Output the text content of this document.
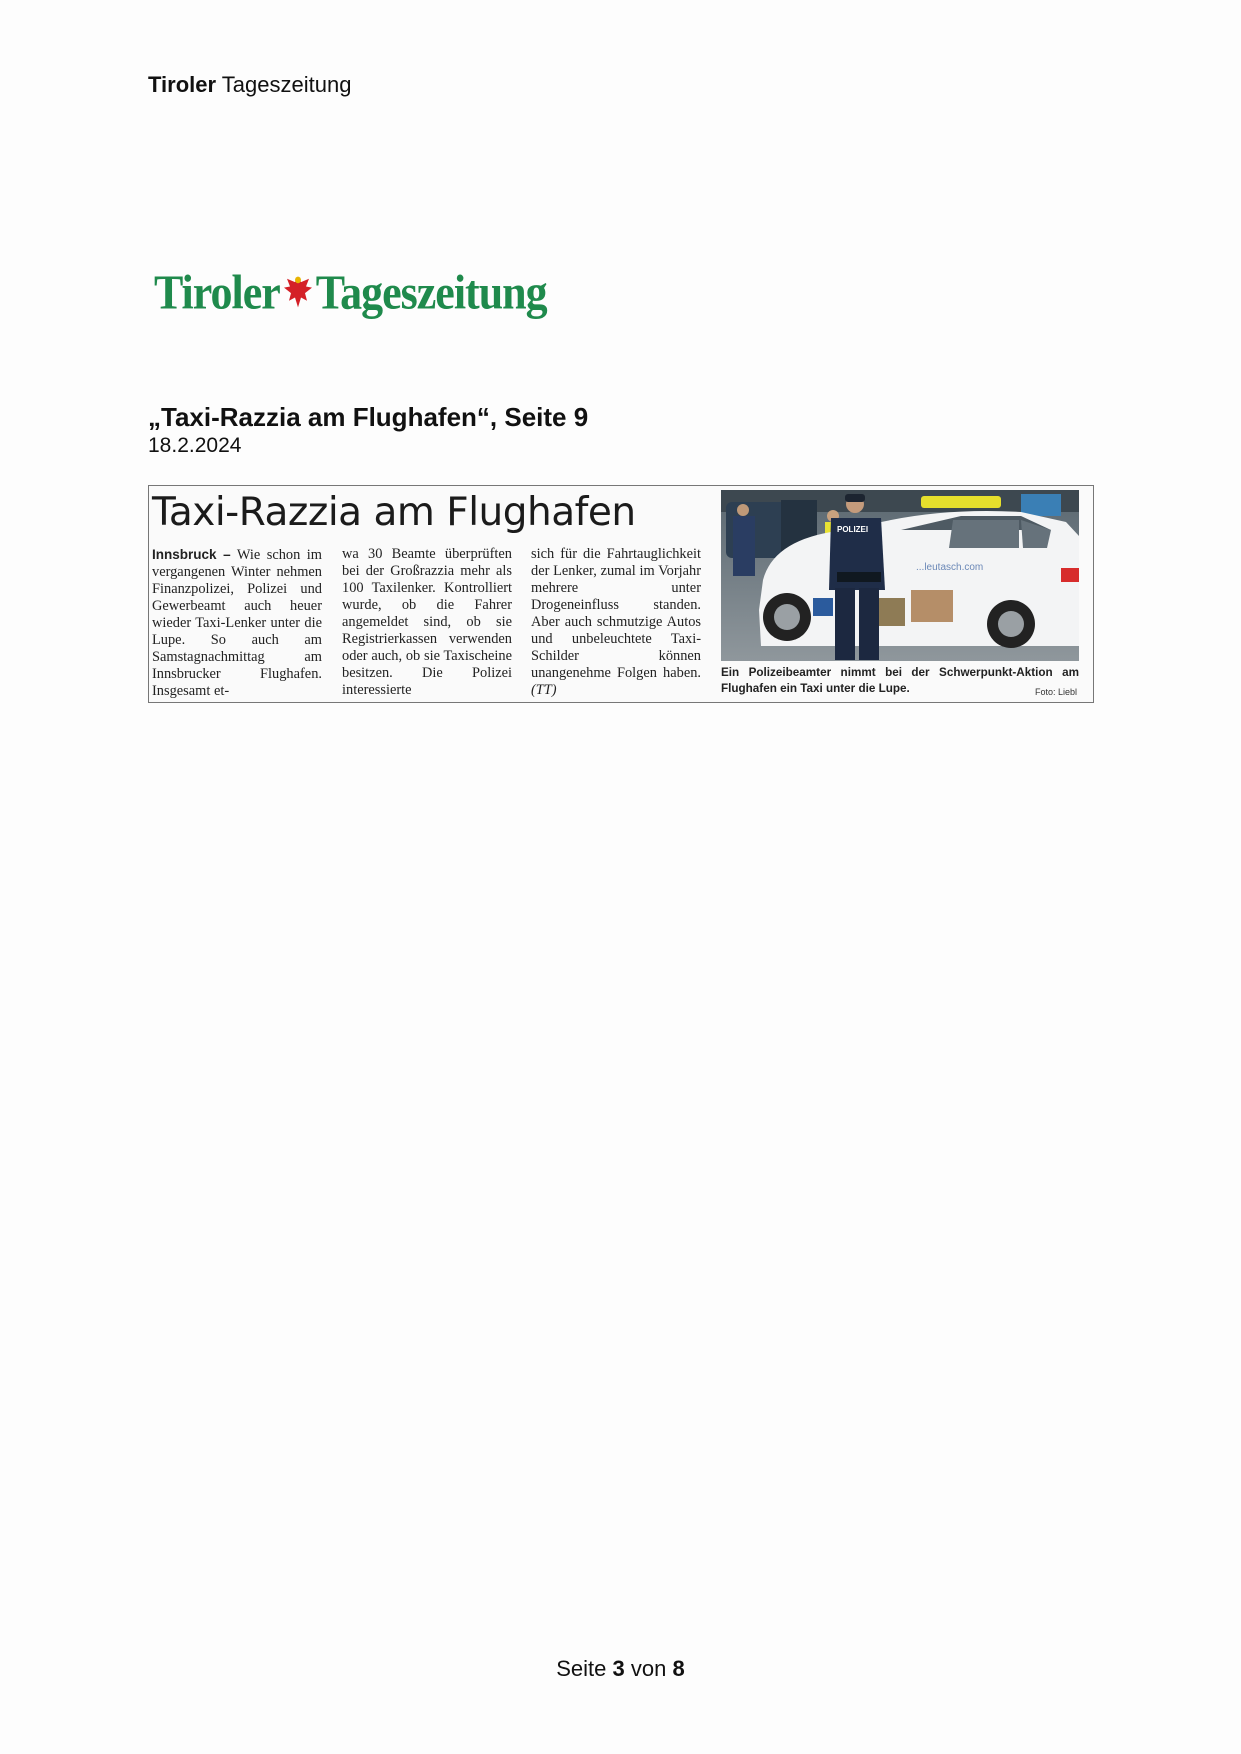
Tiroler Tageszeitung
Tiroler Tageszeitung
„Taxi-Razzia am Flughafen“, Seite 9
18.2.2024
Taxi-Razzia am Flughafen
Innsbruck – Wie schon im vergangenen Winter nehmen Finanzpolizei, Polizei und Gewerbeamt auch heuer wieder Taxi-Lenker unter die Lupe. So auch am Samstagnachmittag am Innsbrucker Flughafen. Insgesamt et-
wa 30 Beamte überprüften bei der Großrazzia mehr als 100 Taxilenker. Kontrolliert wurde, ob die Fahrer angemeldet sind, ob sie Registrierkassen verwenden oder auch, ob sie Taxischeine besitzen. Die Polizei interessierte
sich für die Fahrtauglichkeit der Lenker, zumal im Vorjahr mehrere unter Drogeneinfluss standen. Aber auch schmutzige Autos und unbeleuchtete Taxi-Schilder können unangenehme Folgen haben. (TT)
...leutasch.com
POLIZEI
Ein Polizeibeamter nimmt bei der Schwerpunkt-Aktion am Flughafen ein Taxi unter die Lupe.	Foto: Liebl
Seite 3 von 8
